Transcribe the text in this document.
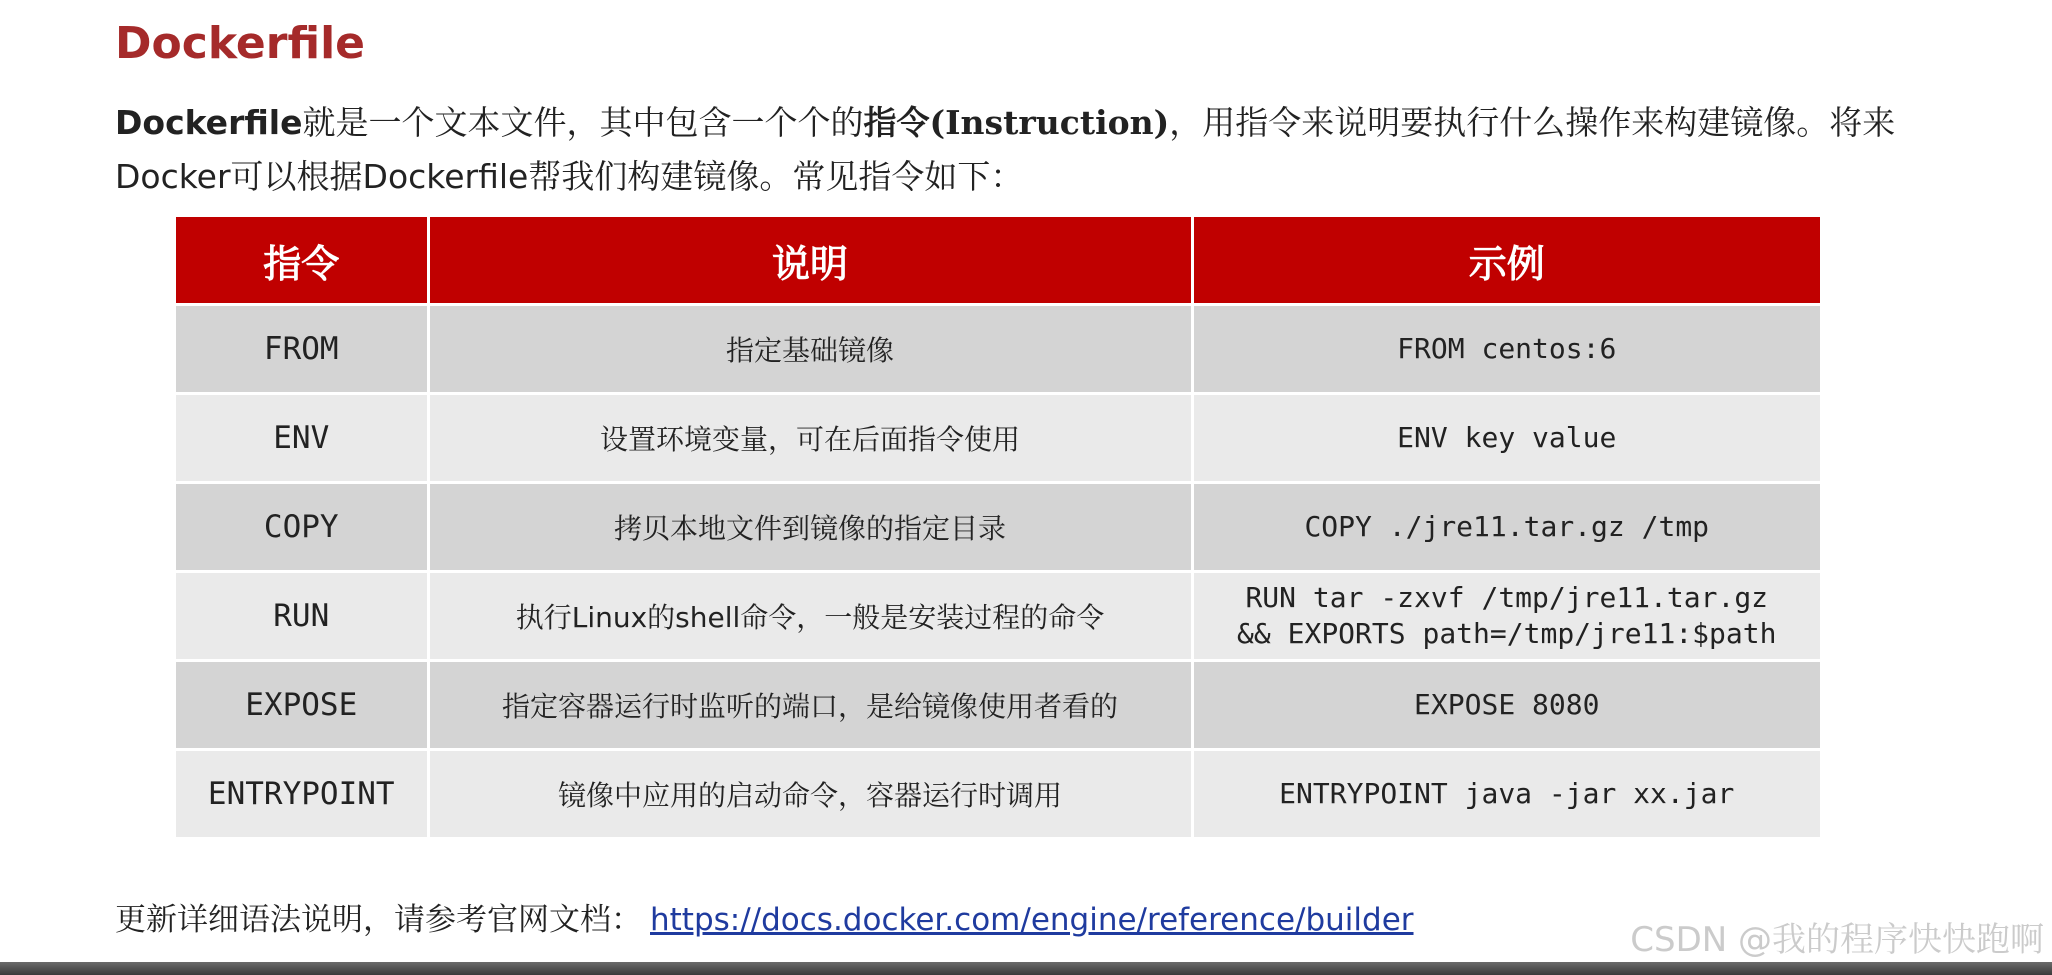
Dockerfile

Dockerfile就是一个文本文件，其中包含一个个的指令(Instruction)，用指令来说明要执行什么操作来构建镜像。将来Docker可以根据Dockerfile帮我们构建镜像。常见指令如下：

指令	说明	示例
FROM	指定基础镜像	FROM centos:6

ENV	设置环境变量，可在后面指令使用	ENV key value

COPY	拷贝本地文件到镜像的指定目录	COPY ./jre11.tar.gz /tmp

RUN	执行Linux的shell命令，一般是安装过程的命令	RUN tar -zxvf /tmp/jre11.tar.gz
&& EXPORTS path=/tmp/jre11:$path

EXPOSE	指定容器运行时监听的端口，是给镜像使用者看的	EXPOSE 8080

ENTRYPOINT	镜像中应用的启动命令，容器运行时调用	ENTRYPOINT java -jar xx.jar

更新详细语法说明，请参考官网文档： https://docs.docker.com/engine/reference/builder	CSDN @我的程序快快跑啊
